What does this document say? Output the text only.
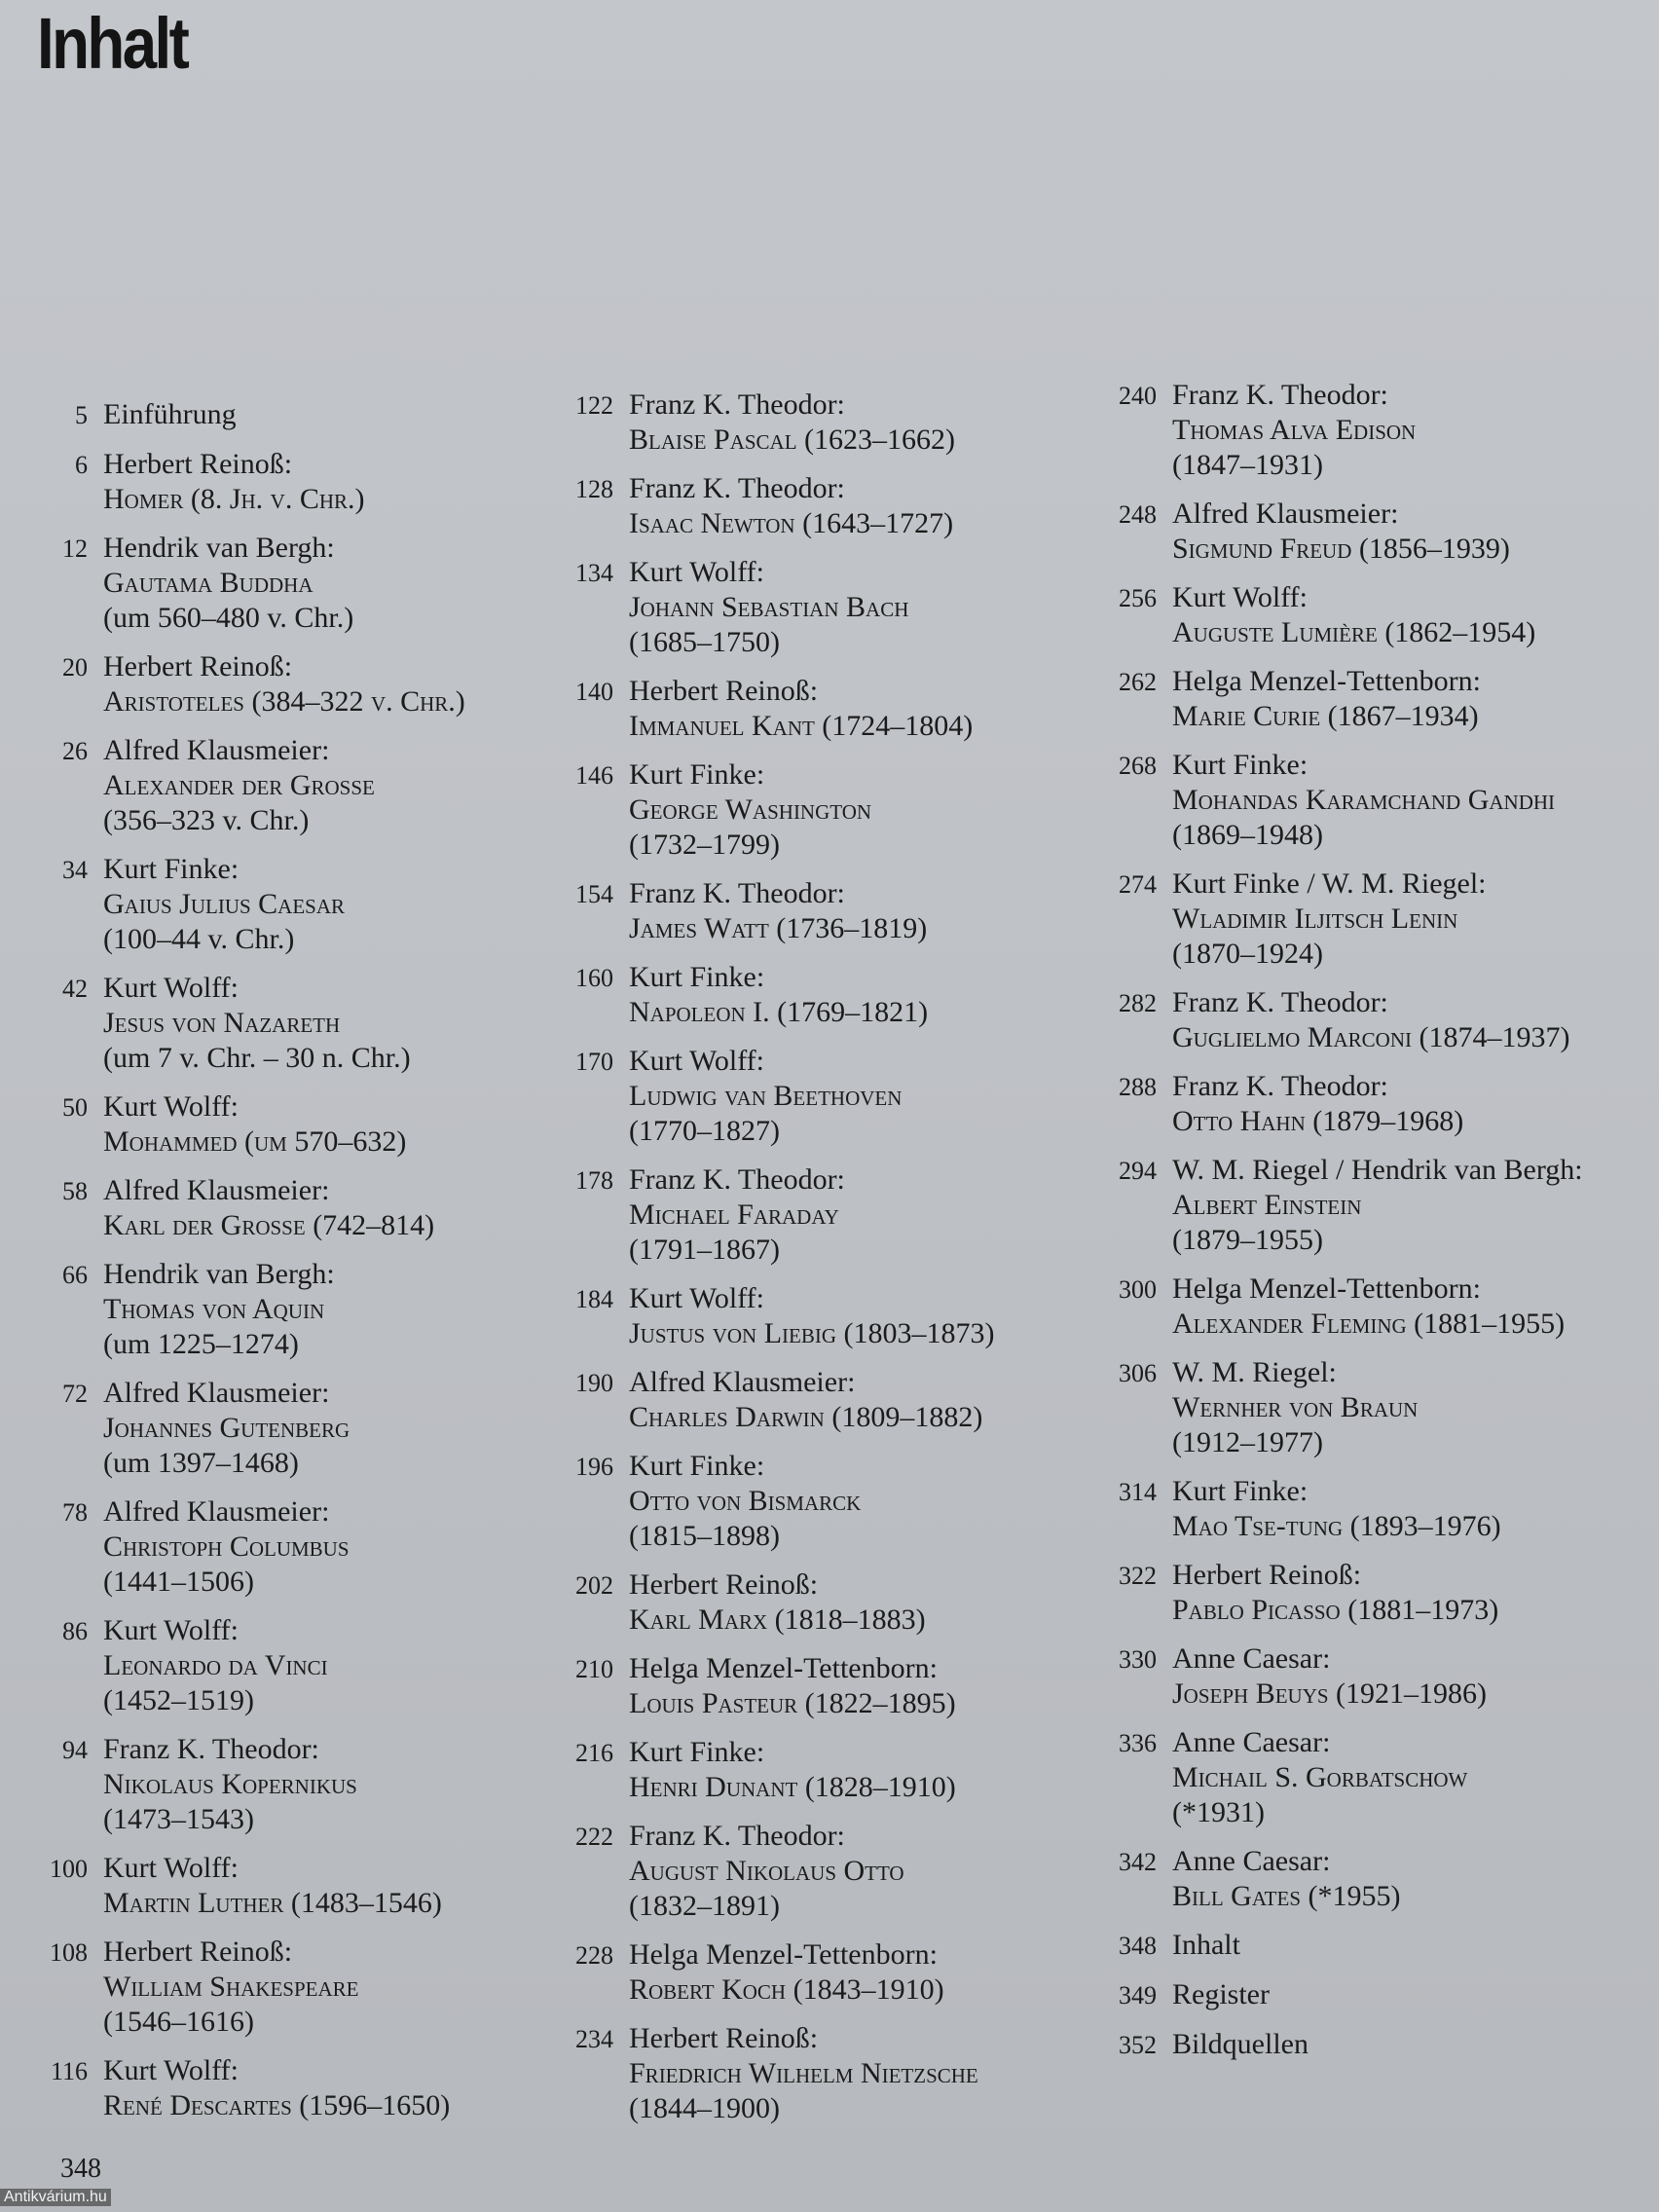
Inhalt
5 Einführung
6 Herbert Reinoß:
Homer (8. Jh. v. Chr.)
12 Hendrik van Bergh:
Gautama Buddha
(um 560–480 v. Chr.)
20 Herbert Reinoß:
Aristoteles (384–322 v. Chr.)
26 Alfred Klausmeier:
Alexander der Große
(356–323 v. Chr.)
34 Kurt Finke:
Gaius Julius Caesar
(100–44 v. Chr.)
42 Kurt Wolff:
Jesus von Nazareth
(um 7 v. Chr. – 30 n. Chr.)
50 Kurt Wolff:
Mohammed (um 570–632)
58 Alfred Klausmeier:
Karl der Große (742–814)
66 Hendrik van Bergh:
Thomas von Aquin
(um 1225–1274)
72 Alfred Klausmeier:
Johannes Gutenberg
(um 1397–1468)
78 Alfred Klausmeier:
Christoph Columbus
(1441–1506)
86 Kurt Wolff:
Leonardo da Vinci
(1452–1519)
94 Franz K. Theodor:
Nikolaus Kopernikus
(1473–1543)
100 Kurt Wolff:
Martin Luther (1483–1546)
108 Herbert Reinoß:
William Shakespeare
(1546–1616)
116 Kurt Wolff:
René Descartes (1596–1650)
122 Franz K. Theodor:
Blaise Pascal (1623–1662)
128 Franz K. Theodor:
Isaac Newton (1643–1727)
134 Kurt Wolff:
Johann Sebastian Bach
(1685–1750)
140 Herbert Reinoß:
Immanuel Kant (1724–1804)
146 Kurt Finke:
George Washington
(1732–1799)
154 Franz K. Theodor:
James Watt (1736–1819)
160 Kurt Finke:
Napoleon I. (1769–1821)
170 Kurt Wolff:
Ludwig van Beethoven
(1770–1827)
178 Franz K. Theodor:
Michael Faraday
(1791–1867)
184 Kurt Wolff:
Justus von Liebig (1803–1873)
190 Alfred Klausmeier:
Charles Darwin (1809–1882)
196 Kurt Finke:
Otto von Bismarck
(1815–1898)
202 Herbert Reinoß:
Karl Marx (1818–1883)
210 Helga Menzel-Tettenborn:
Louis Pasteur (1822–1895)
216 Kurt Finke:
Henri Dunant (1828–1910)
222 Franz K. Theodor:
August Nikolaus Otto
(1832–1891)
228 Helga Menzel-Tettenborn:
Robert Koch (1843–1910)
234 Herbert Reinoß:
Friedrich Wilhelm Nietzsche
(1844–1900)
240 Franz K. Theodor:
Thomas Alva Edison
(1847–1931)
248 Alfred Klausmeier:
Sigmund Freud (1856–1939)
256 Kurt Wolff:
Auguste Lumière (1862–1954)
262 Helga Menzel-Tettenborn:
Marie Curie (1867–1934)
268 Kurt Finke:
Mohandas Karamchand Gandhi
(1869–1948)
274 Kurt Finke / W. M. Riegel:
Wladimir Iljitsch Lenin
(1870–1924)
282 Franz K. Theodor:
Guglielmo Marconi (1874–1937)
288 Franz K. Theodor:
Otto Hahn (1879–1968)
294 W. M. Riegel / Hendrik van Bergh:
Albert Einstein
(1879–1955)
300 Helga Menzel-Tettenborn:
Alexander Fleming (1881–1955)
306 W. M. Riegel:
Wernher von Braun
(1912–1977)
314 Kurt Finke:
Mao Tse-tung (1893–1976)
322 Herbert Reinoß:
Pablo Picasso (1881–1973)
330 Anne Caesar:
Joseph Beuys (1921–1986)
336 Anne Caesar:
Michail S. Gorbatschow
(*1931)
342 Anne Caesar:
Bill Gates (*1955)
348 Inhalt
349 Register
352 Bildquellen
348
Antikvárium.hu
